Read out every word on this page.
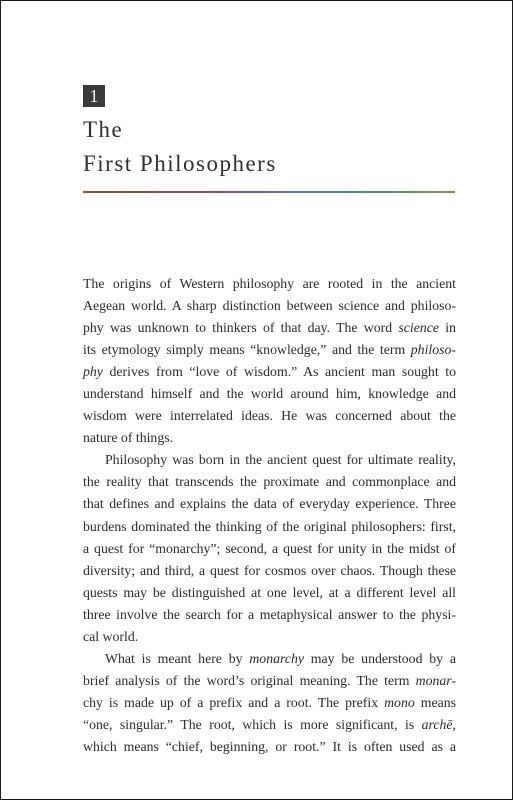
1
The
First Philosophers
The origins of Western philosophy are rooted in the ancient
Aegean world. A sharp distinction between science and philoso-
phy was unknown to thinkers of that day. The word science in
its etymology simply means “knowledge,” and the term philoso-
phy derives from “love of wisdom.” As ancient man sought to
understand himself and the world around him, knowledge and
wisdom were interrelated ideas. He was concerned about the
nature of things.
Philosophy was born in the ancient quest for ultimate reality,
the reality that transcends the proximate and commonplace and
that defines and explains the data of everyday experience. Three
burdens dominated the thinking of the original philosophers: first,
a quest for “monarchy”; second, a quest for unity in the midst of
diversity; and third, a quest for cosmos over chaos. Though these
quests may be distinguished at one level, at a different level all
three involve the search for a metaphysical answer to the physi-
cal world.
What is meant here by monarchy may be understood by a
brief analysis of the word’s original meaning. The term monar-
chy is made up of a prefix and a root. The prefix mono means
“one, singular.” The root, which is more significant, is archē,
which means “chief, beginning, or root.” It is often used as a
